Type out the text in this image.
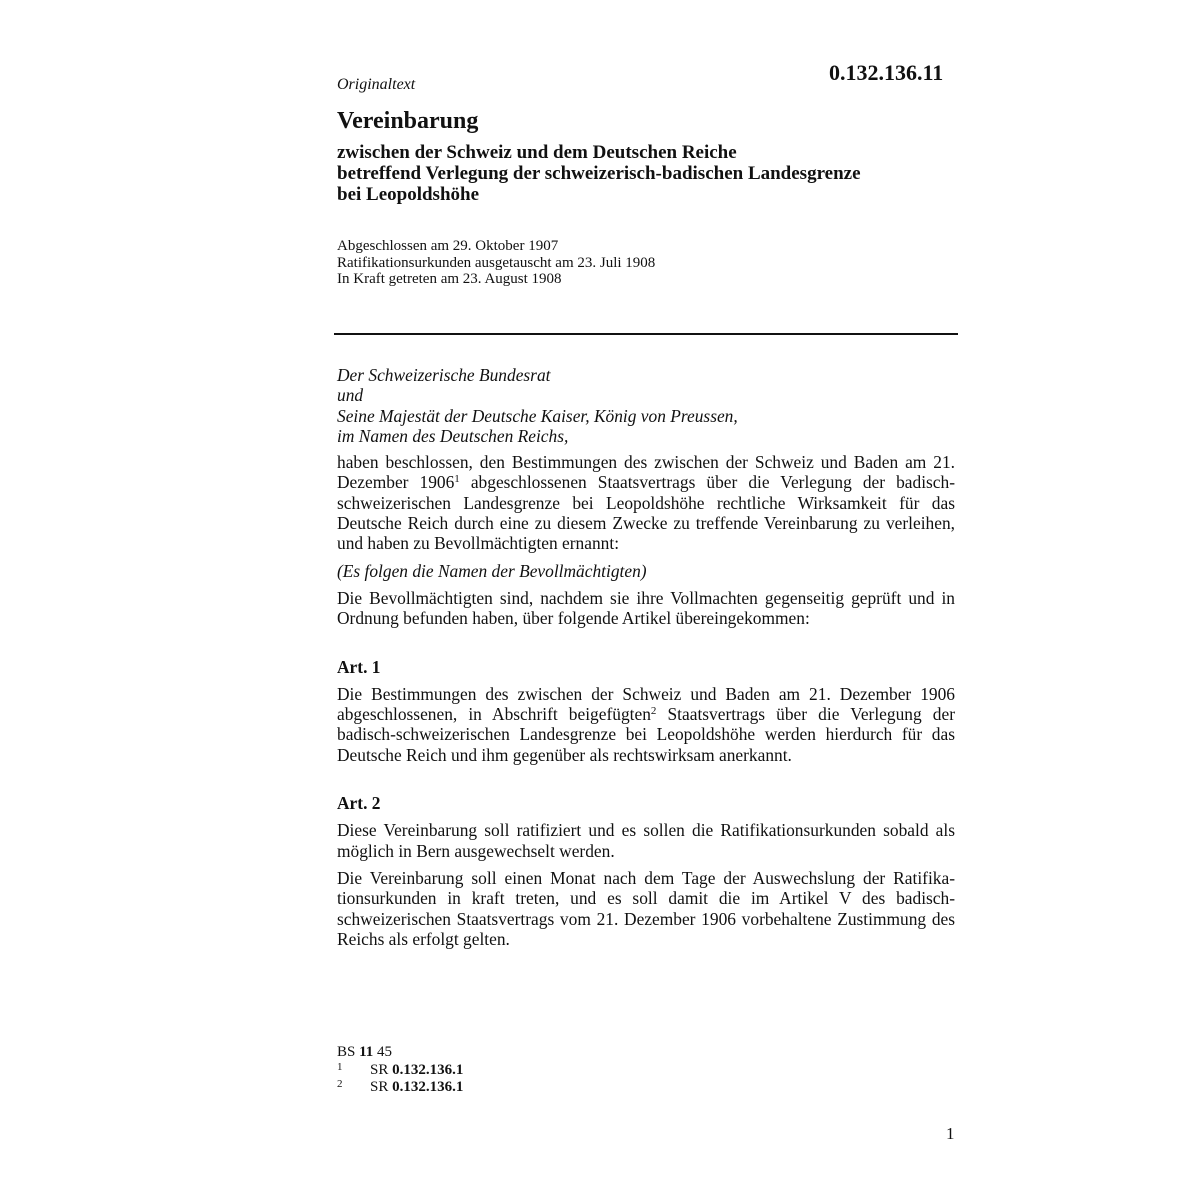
0.132.136.11
Originaltext
Vereinbarung
zwischen der Schweiz und dem Deutschen Reiche
betreffend Verlegung der schweizerisch-badischen Landesgrenze
bei Leopoldshöhe
Abgeschlossen am 29. Oktober 1907
Ratifikationsurkunden ausgetauscht am 23. Juli 1908
In Kraft getreten am 23. August 1908
Der Schweizerische Bundesrat
und
Seine Majestät der Deutsche Kaiser, König von Preussen,
im Namen des Deutschen Reichs,

haben beschlossen, den Bestimmungen des zwischen der Schweiz und Baden am 21. Dezember 1906$^1$ abgeschlossenen Staatsvertrags über die Verlegung der badisch-schweizerischen Landesgrenze bei Leopoldshöhe rechtliche Wirksamkeit für das Deutsche Reich durch eine zu diesem Zwecke zu treffende Vereinbarung zu verleihen, und haben zu Bevollmächtigten ernannt:

(Es folgen die Namen der Bevollmächtigten)

Die Bevollmächtigten sind, nachdem sie ihre Vollmachten gegenseitig geprüft und in Ordnung befunden haben, über folgende Artikel übereingekommen:

Art. 1

Die Bestimmungen des zwischen der Schweiz und Baden am 21. Dezember 1906 abgeschlossenen, in Abschrift beigefügten$^2$ Staatsvertrags über die Verlegung der badisch-schweizerischen Landesgrenze bei Leopoldshöhe werden hierdurch für das Deutsche Reich und ihm gegenüber als rechtswirksam anerkannt.

Art. 2

Diese Vereinbarung soll ratifiziert und es sollen die Ratifikationsurkunden sobald als möglich in Bern ausgewechselt werden.

Die Vereinbarung soll einen Monat nach dem Tage der Auswechslung der Ratifika-tionsurkunden in kraft treten, und es soll damit die im Artikel V des badisch-schweizerischen Staatsvertrags vom 21. Dezember 1906 vorbehaltene Zustimmung des Reichs als erfolgt gelten.

BS 11 45
1	SR 0.132.136.1
2	SR 0.132.136.1
1
